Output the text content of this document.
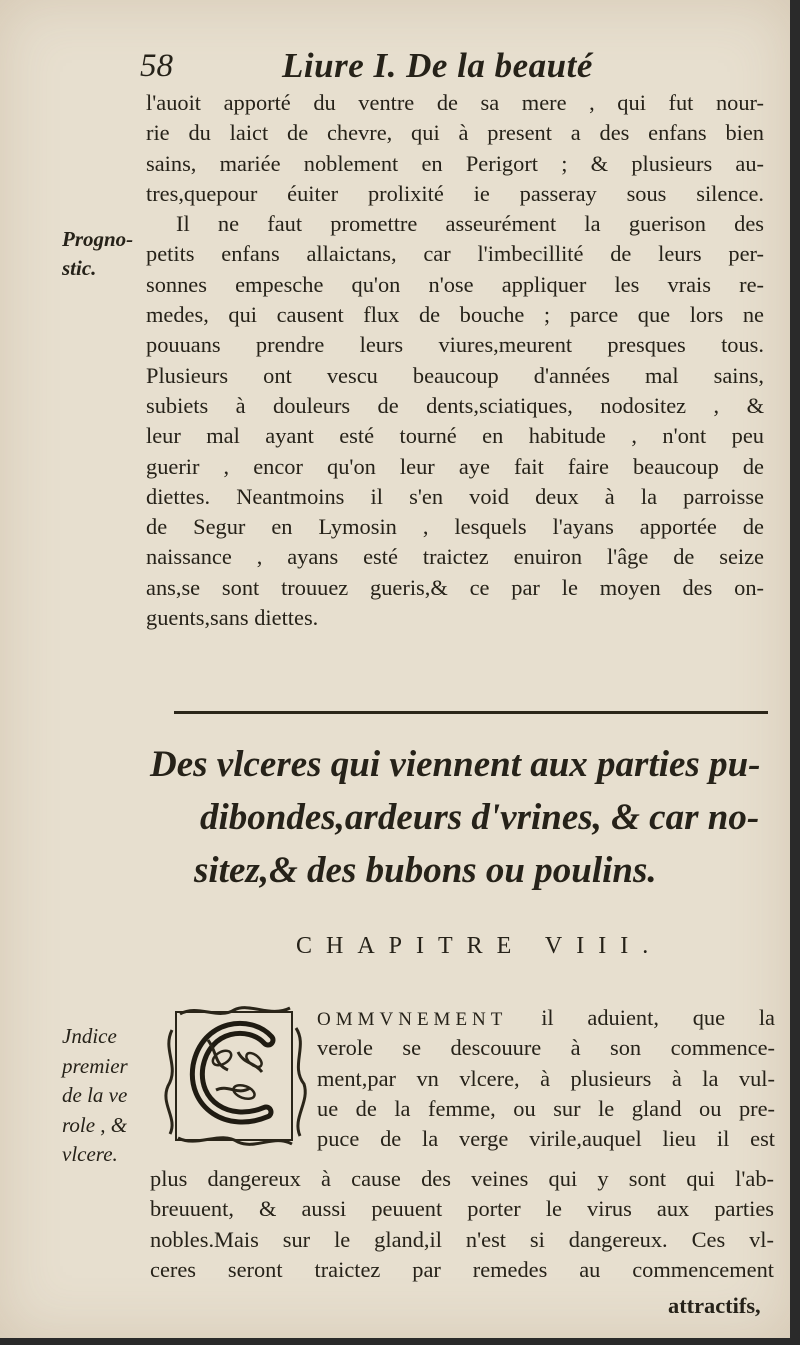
58	Liure I. De la beauté
Progno-
stic.
l'auoit apporté du ventre de sa mere , qui fut nour-
rie du laict de chevre, qui à present a des enfans bien
sains, mariée noblement en Perigort ; & plusieurs au-
tres,quepour éuiter prolixité ie passeray sous silence.
Il ne faut promettre asseurément la guerison des
petits enfans allaictans, car l'imbecillité de leurs per-
sonnes empesche qu'on n'ose appliquer les vrais re-
medes, qui causent flux de bouche ; parce que lors ne
pouuans prendre leurs viures,meurent presques tous.
Plusieurs ont vescu beaucoup d'années mal sains,
subiets à douleurs de dents,sciatiques, nodositez , &
leur mal ayant esté tourné en habitude , n'ont peu
guerir , encor qu'on leur aye fait faire beaucoup de
diettes. Neantmoins il s'en void deux à la parroisse
de Segur en Lymosin , lesquels l'ayans apportée de
naissance , ayans esté traictez enuiron l'âge de seize
ans,se sont trouuez gueris,& ce par le moyen des on-
guents,sans diettes.
Des vlceres qui viennent aux parties pu-
dibondes,ardeurs d'vrines, & car no-
sitez,& des bubons ou poulins.
CHAPITRE VIII.
Jndice
premier
de la ve
role , &
vlcere.
OMMVNEMENT il aduient, que la
verole se descouure à son commence-
ment,par vn vlcere, à plusieurs à la vul-
ue de la femme, ou sur le gland ou pre-
puce de la verge virile,auquel lieu il est
plus dangereux à cause des veines qui y sont qui l'ab-
breuuent, & aussi peuuent porter le virus aux parties
nobles.Mais sur le gland,il n'est si dangereux. Ces vl-
ceres seront traictez par remedes au commencement
attractifs,
